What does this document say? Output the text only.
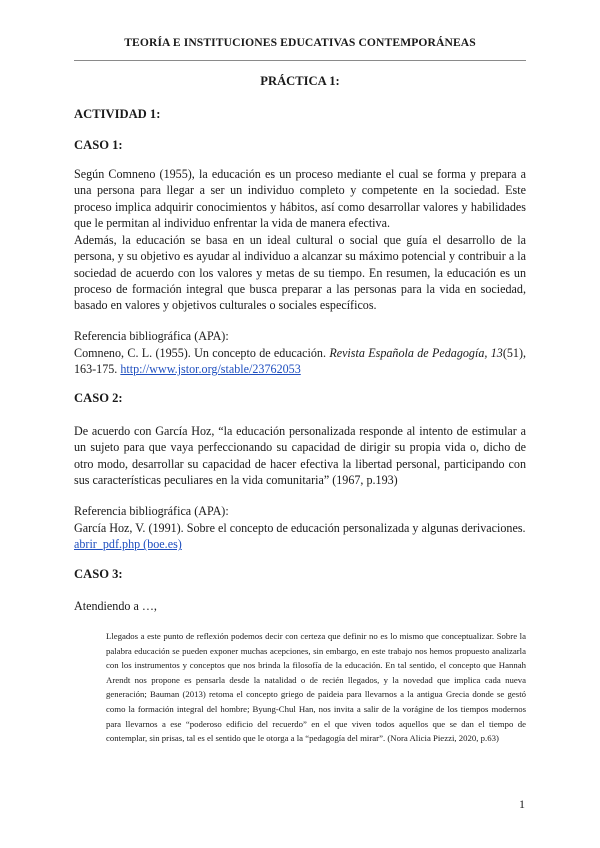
TEORÍA E INSTITUCIONES EDUCATIVAS CONTEMPORÁNEAS
PRÁCTICA 1:
ACTIVIDAD 1:
CASO 1:
Según Comneno (1955), la educación es un proceso mediante el cual se forma y prepara a una persona para llegar a ser un individuo completo y competente en la sociedad. Este proceso implica adquirir conocimientos y hábitos, así como desarrollar valores y habilidades que le permitan al individuo enfrentar la vida de manera efectiva.
Además, la educación se basa en un ideal cultural o social que guía el desarrollo de la persona, y su objetivo es ayudar al individuo a alcanzar su máximo potencial y contribuir a la sociedad de acuerdo con los valores y metas de su tiempo. En resumen, la educación es un proceso de formación integral que busca preparar a las personas para la vida en sociedad, basado en valores y objetivos culturales o sociales específicos.
Referencia bibliográfica (APA):
Comneno, C. L. (1955). Un concepto de educación. Revista Española de Pedagogía, 13(51), 163-175. http://www.jstor.org/stable/23762053
CASO 2:
De acuerdo con García Hoz, “la educación personalizada responde al intento de estimular a un sujeto para que vaya perfeccionando su capacidad de dirigir su propia vida o, dicho de otro modo, desarrollar su capacidad de hacer efectiva la libertad personal, participando con sus características peculiares en la vida comunitaria” (1967, p.193)
Referencia bibliográfica (APA):
García Hoz, V. (1991). Sobre el concepto de educación personalizada y algunas derivaciones. abrir_pdf.php (boe.es)
CASO 3:
Atendiendo a …,
Llegados a este punto de reflexión podemos decir con certeza que definir no es lo mismo que conceptualizar. Sobre la palabra educación se pueden exponer muchas acepciones, sin embargo, en este trabajo nos hemos propuesto analizarla con los instrumentos y conceptos que nos brinda la filosofía de la educación. En tal sentido, el concepto que Hannah Arendt nos propone es pensarla desde la natalidad o de recién llegados, y la novedad que implica cada nueva generación; Bauman (2013) retoma el concepto griego de paideia para llevarnos a la antigua Grecia donde se gestó como la formación integral del hombre; Byung-Chul Han, nos invita a salir de la vorágine de los tiempos modernos para llevarnos a ese “poderoso edificio del recuerdo” en el que viven todos aquellos que se dan el tiempo de contemplar, sin prisas, tal es el sentido que le otorga a la “pedagogía del mirar”. (Nora Alicia Piezzi, 2020, p.63)
1
